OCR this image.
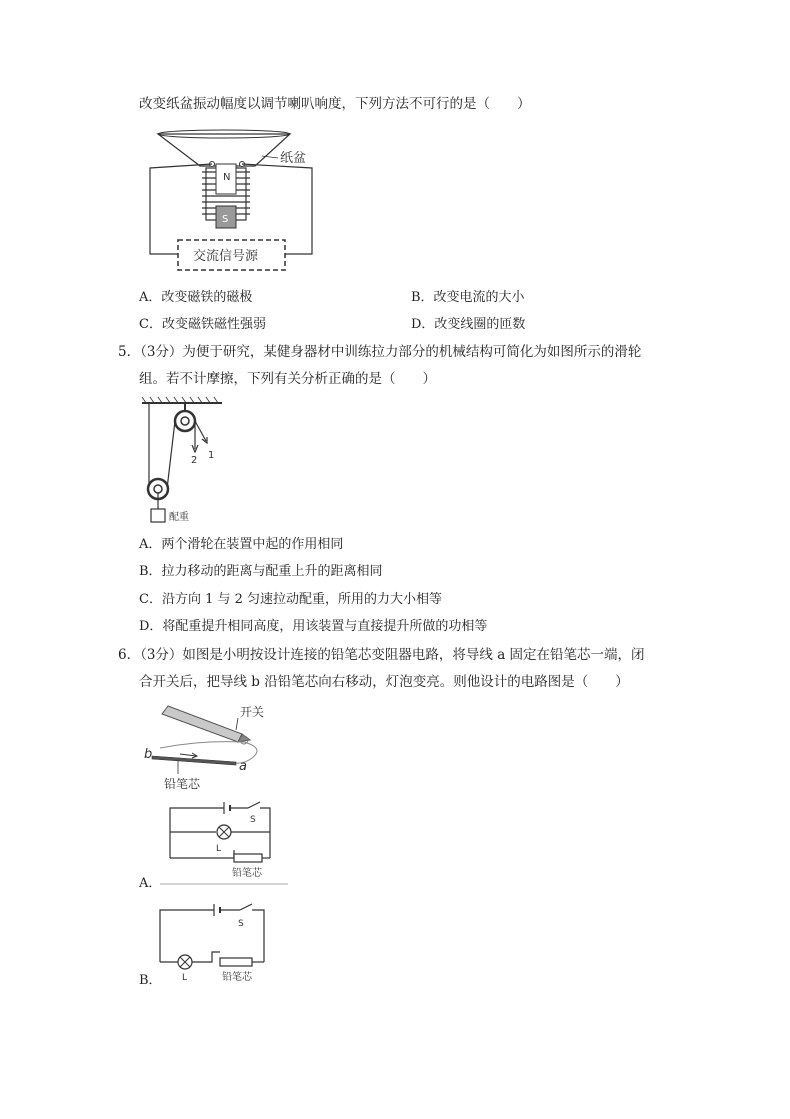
改变纸盆振动幅度以调节喇叭响度，下列方法不可行的是（　　）
纸盆
N
S
交流信号源
A．改变磁铁的磁极	B．改变电流的大小
C．改变磁铁磁性强弱	D．改变线圈的匝数
5．（3分）为便于研究，某健身器材中训练拉力部分的机械结构可简化为如图所示的滑轮
组。若不计摩擦，下列有关分析正确的是（　　）
配重
1
2
A．两个滑轮在装置中起的作用相同
B．拉力移动的距离与配重上升的距离相同
C．沿方向 1 与 2 匀速拉动配重，所用的力大小相等
D．将配重提升相同高度，用该装置与直接提升所做的功相等
6．（3分）如图是小明按设计连接的铅笔芯变阻器电路，将导线 a 固定在铅笔芯一端，闭
合开关后，把导线 b 沿铅笔芯向右移动，灯泡变亮。则他设计的电路图是（　　）
开关
b
a
铅笔芯
S
L
铅笔芯
A．
S
L	铅笔芯
B．
